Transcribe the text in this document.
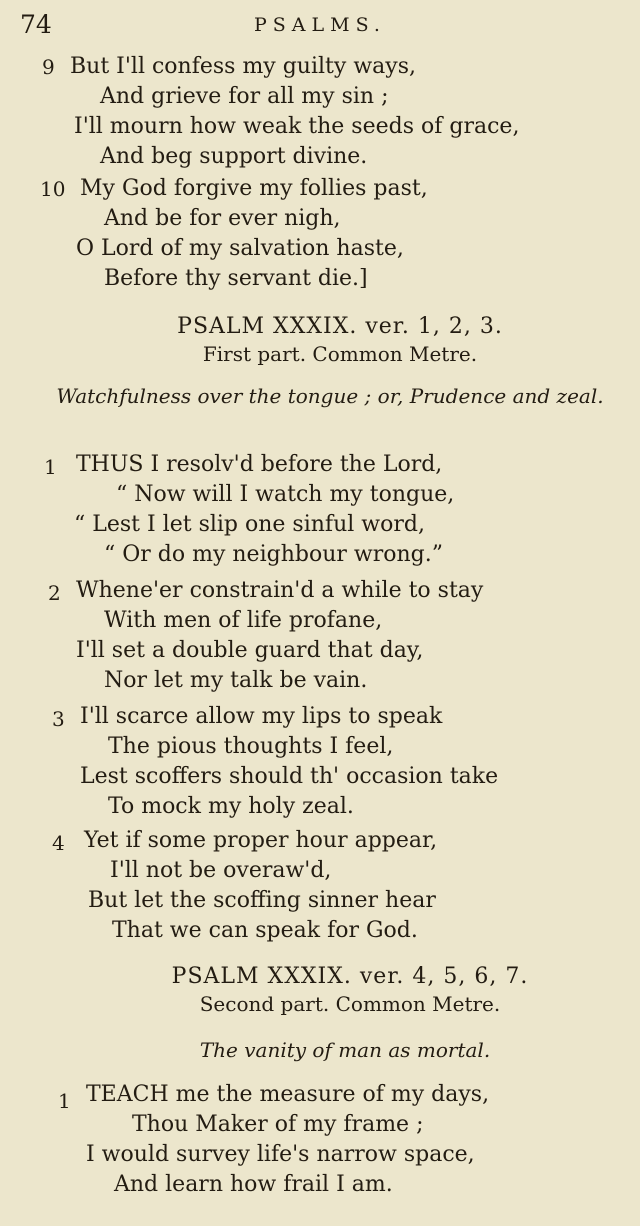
74	PSALMS.
9 But I'll confess my guilty ways,
And grieve for all my sin ;
I'll mourn how weak the seeds of grace,
And beg support divine.
10 My God forgive my follies past,
And be for ever nigh,
O Lord of my salvation haste,
Before thy servant die.]
PSALM XXXIX. ver. 1, 2, 3.
First part. Common Metre.
Watchfulness over the tongue ; or, Prudence and zeal.
1 THUS I resolv'd before the Lord,
“ Now will I watch my tongue,
“ Lest I let slip one sinful word,
“ Or do my neighbour wrong.”
2 Whene'er constrain'd a while to stay
With men of life profane,
I'll set a double guard that day,
Nor let my talk be vain.
3 I'll scarce allow my lips to speak
The pious thoughts I feel,
Lest scoffers should th' occasion take
To mock my holy zeal.
4 Yet if some proper hour appear,
I'll not be overaw'd,
But let the scoffing sinner hear
That we can speak for God.
PSALM XXXIX. ver. 4, 5, 6, 7.
Second part. Common Metre.
The vanity of man as mortal.
1 TEACH me the measure of my days,
Thou Maker of my frame ;
I would survey life's narrow space,
And learn how frail I am.
